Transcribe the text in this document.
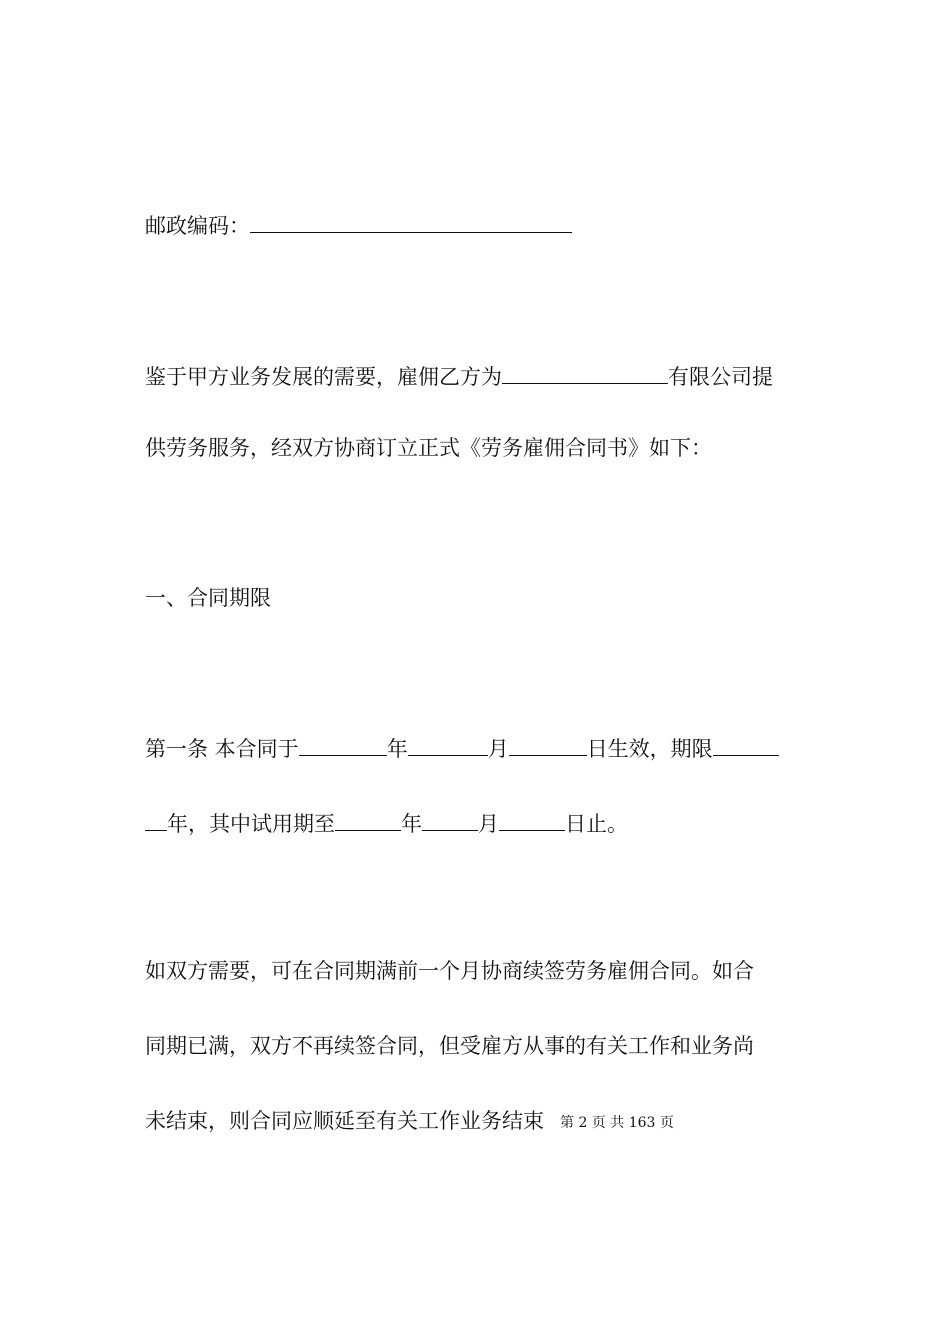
邮政编码：
鉴于甲方业务发展的需要，雇佣乙方为	有限公司提
供劳务服务，经双方协商订立正式《劳务雇佣合同书》如下：
一、合同期限
第一条 本合同于	年	月	日生效，期限
年，其中试用期至	年	月	日止。
如双方需要，可在合同期满前一个月协商续签劳务雇佣合同。如合
同期已满，双方不再续签合同，但受雇方从事的有关工作和业务尚
未结束，则合同应顺延至有关工作业务结束 第 2 页 共 163 页
